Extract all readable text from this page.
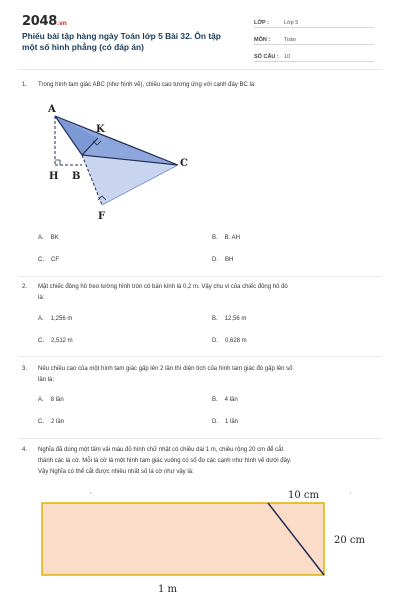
2048.vn
Phiếu bài tập hàng ngày Toán lớp 5 Bài 32. Ôn tập một số hình phẳng (có đáp án)
LỚP :	Lớp 5
MÔN :	Toán
SỐ CÂU : 10
1. Trong hình tam giác ABC (như hình vẽ), chiều cao tương ứng với cạnh đáy BC là:
A
K
C
H B
F
A. BK	B. B. AH
C. CF	D. BH
2. Mặt chiếc đồng hồ treo tường hình tròn có bán kính là 0,2 m. Vậy chu vi của chiếc đồng hồ đó
là:
A. 1,256 m	B. 12,56 m
C. 2,512 m	D. 0,628 m
3. Nếu chiều cao của một hình tam giác gấp lên 2 lần thì diện tích của hình tam giác đó gấp lên số
lần là:
A. 8 lần	B. 4 lần
C. 2 lần	D. 1 lần
4. Nghĩa đã dùng một tấm vải màu đỏ hình chữ nhật có chiều dài 1 m, chiều rộng 20 cm để cắt
thành các lá cờ. Mỗi lá cờ là một hình tam giác vuông có số đo các cạnh như hình vẽ dưới đây.
Vậy Nghĩa có thể cắt được nhiều nhất số lá cờ như vậy là:
10 cm
20 cm
1 m
